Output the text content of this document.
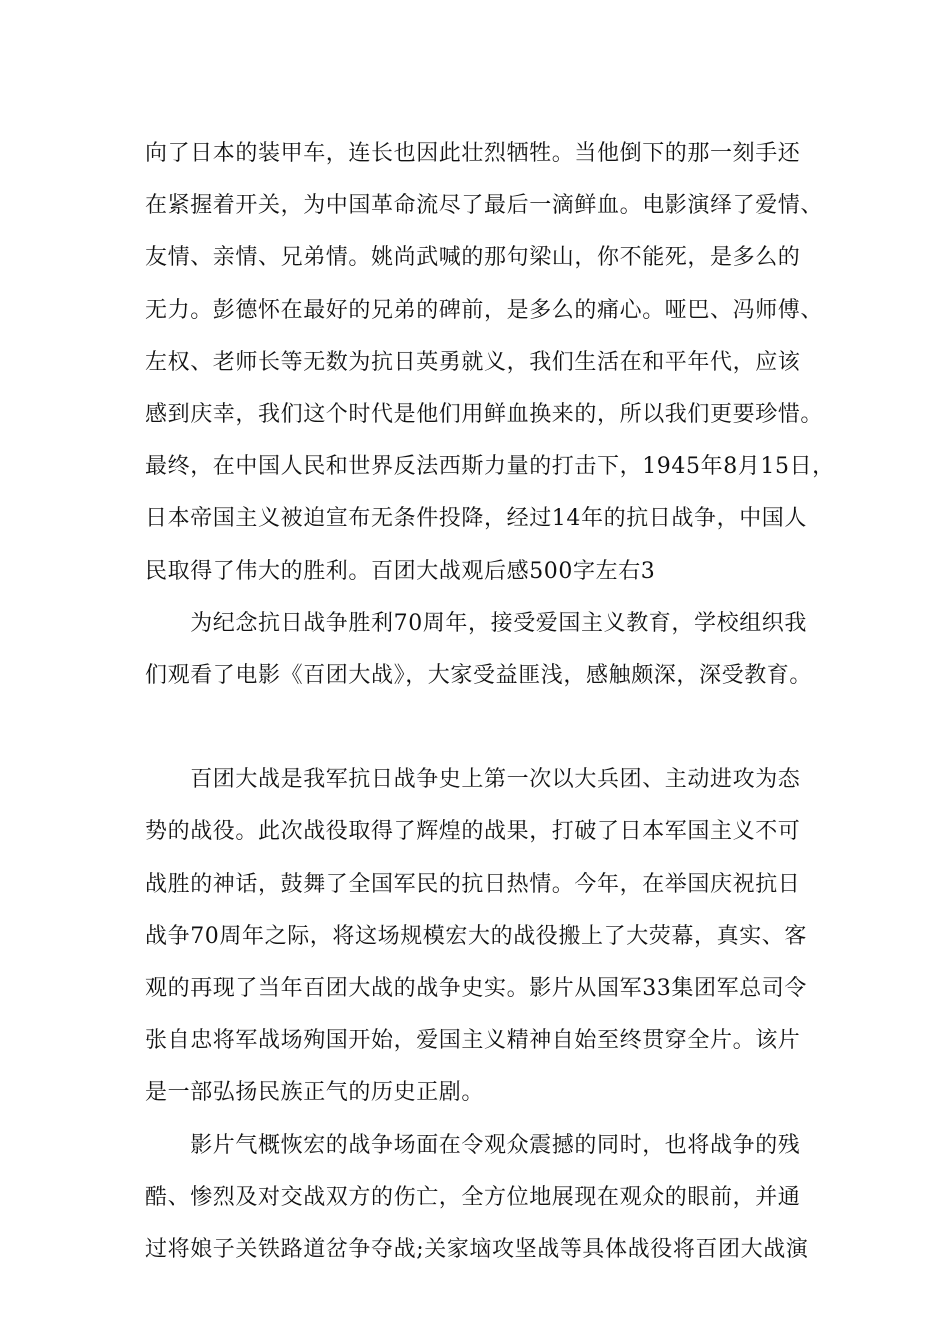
向了日本的装甲车，连长也因此壮烈牺牲。当他倒下的那一刻手还
在紧握着开关，为中国革命流尽了最后一滴鲜血。电影演绎了爱情、
友情、亲情、兄弟情。姚尚武喊的那句梁山，你不能死，是多么的
无力。彭德怀在最好的兄弟的碑前，是多么的痛心。哑巴、冯师傅、
左权、老师长等无数为抗日英勇就义，我们生活在和平年代，应该
感到庆幸，我们这个时代是他们用鲜血换来的，所以我们更要珍惜。
最终，在中国人民和世界反法西斯力量的打击下，1945年8月15日，
日本帝国主义被迫宣布无条件投降，经过14年的抗日战争，中国人
民取得了伟大的胜利。百团大战观后感500字左右3
　　为纪念抗日战争胜利70周年，接受爱国主义教育，学校组织我
们观看了电影《百团大战》，大家受益匪浅，感触颇深，深受教育。
　　百团大战是我军抗日战争史上第一次以大兵团、主动进攻为态
势的战役。此次战役取得了辉煌的战果，打破了日本军国主义不可
战胜的神话，鼓舞了全国军民的抗日热情。今年，在举国庆祝抗日
战争70周年之际，将这场规模宏大的战役搬上了大荧幕，真实、客
观的再现了当年百团大战的战争史实。影片从国军33集团军总司令
张自忠将军战场殉国开始，爱国主义精神自始至终贯穿全片。该片
是一部弘扬民族正气的历史正剧。
　　影片气概恢宏的战争场面在令观众震撼的同时，也将战争的残
酷、惨烈及对交战双方的伤亡，全方位地展现在观众的眼前，并通
过将娘子关铁路道岔争夺战;关家垴攻坚战等具体战役将百团大战演
